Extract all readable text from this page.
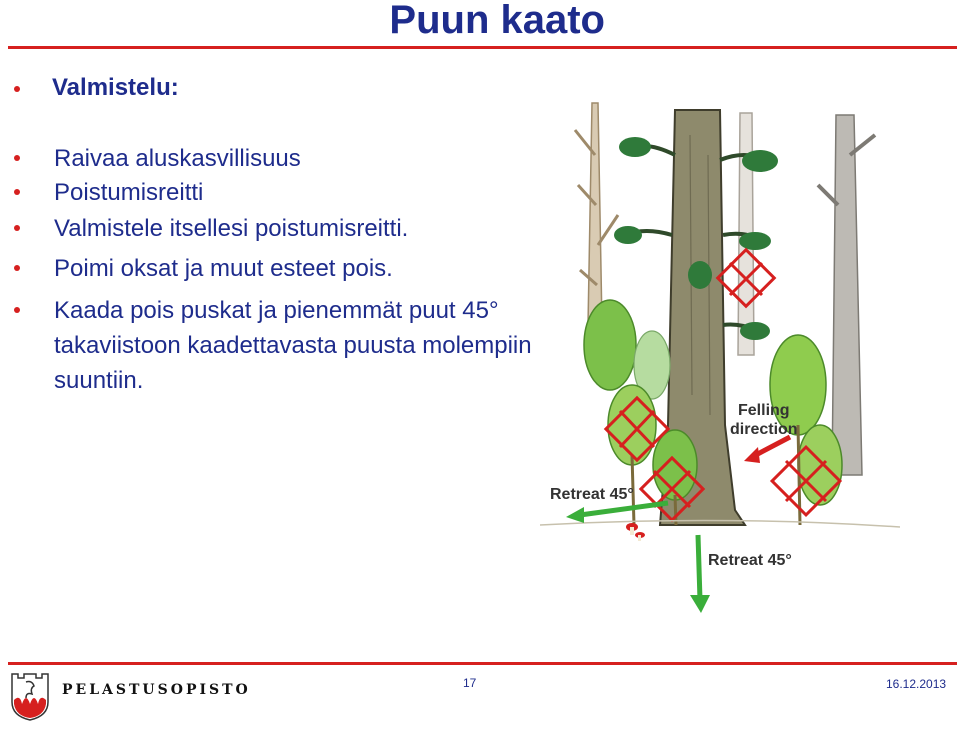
Puun kaato
Valmistelu:
Raivaa aluskasvillisuus
Poistumisreitti
Valmistele itsellesi poistumisreitti.
Poimi oksat ja muut esteet pois.
Kaada pois puskat ja pienemmät puut 45° takaviistoon kaadettavasta puusta molempiin suuntiin.
Felling
direction
Retreat 45°
Retreat 45°
PELASTUSOPISTO	17	16.12.2013
